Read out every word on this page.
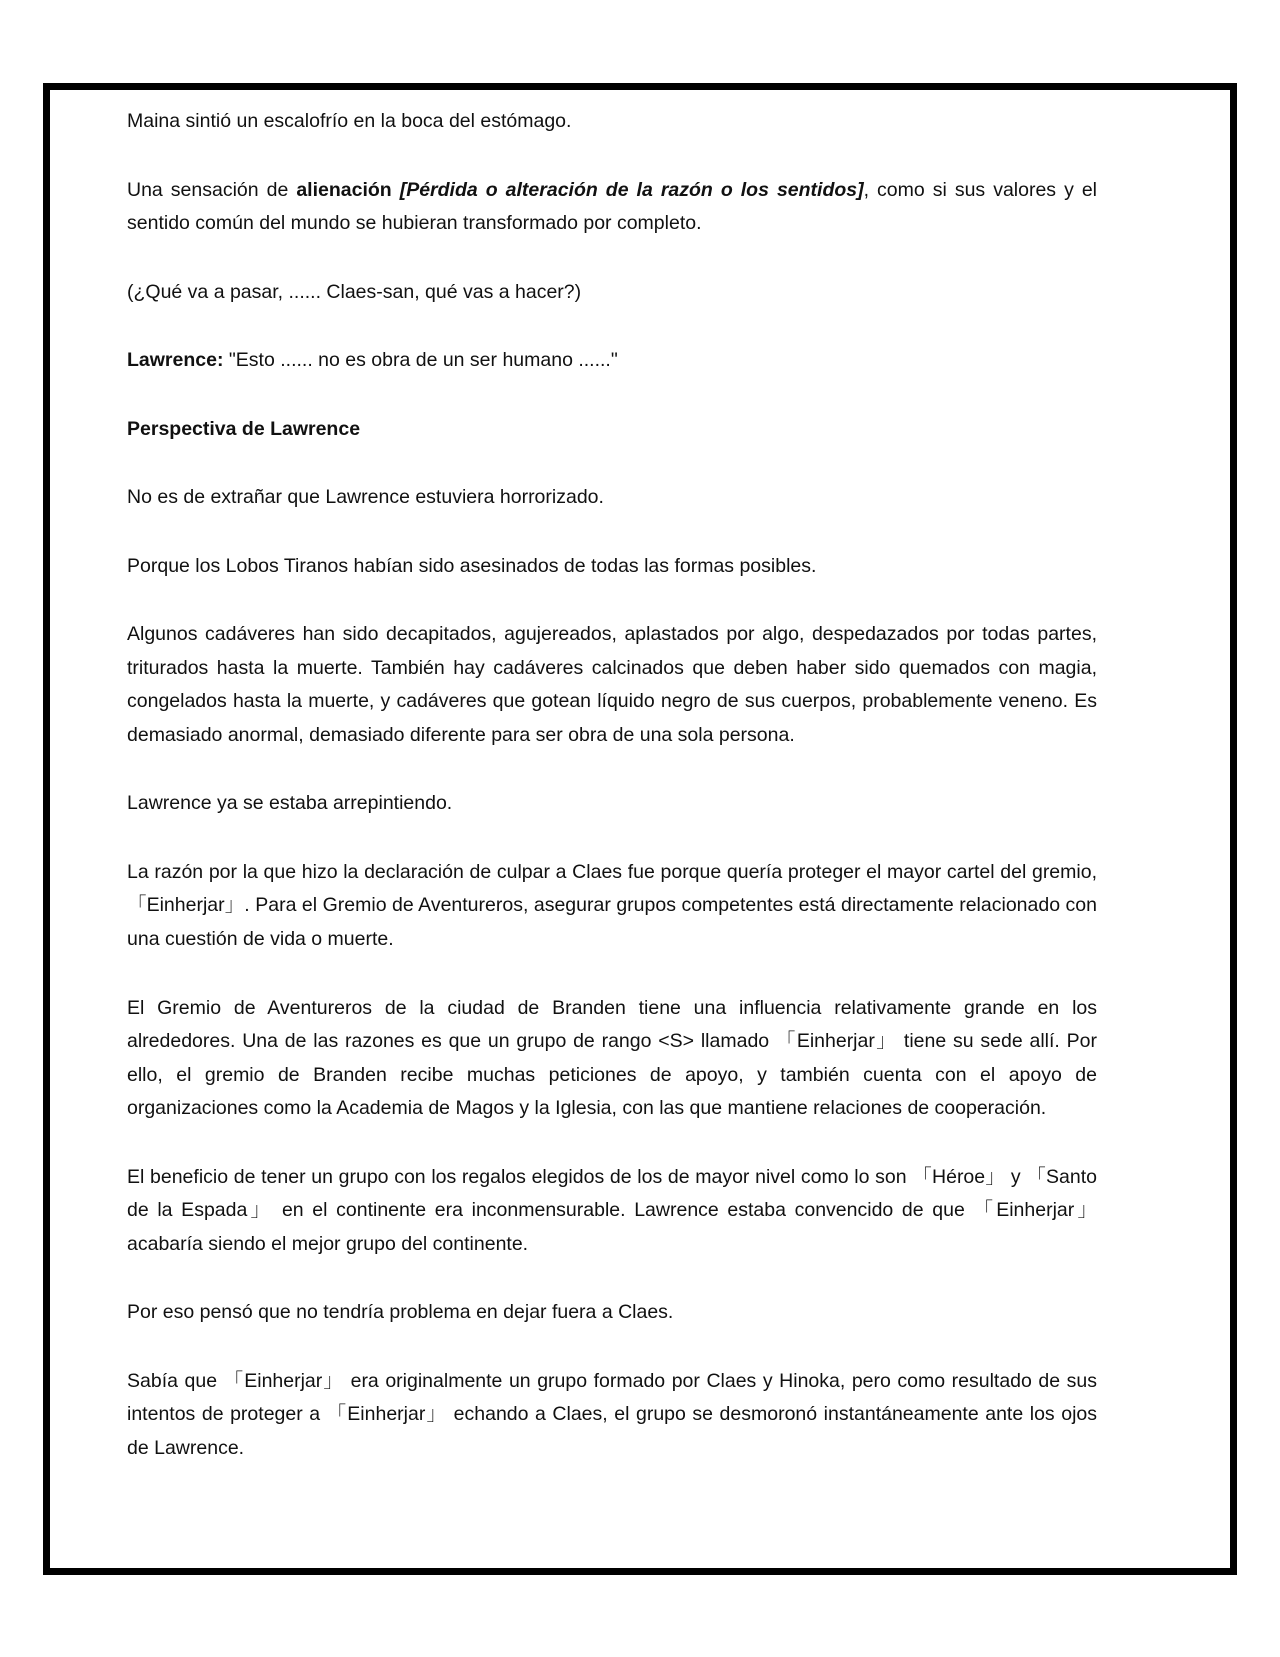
Maina sintió un escalofrío en la boca del estómago.

Una sensación de alienación [Pérdida o alteración de la razón o los sentidos], como si sus valores y el sentido común del mundo se hubieran transformado por completo.

(¿Qué va a pasar, ...... Claes-san, qué vas a hacer?)

Lawrence: "Esto ...... no es obra de un ser humano ......"

Perspectiva de Lawrence

No es de extrañar que Lawrence estuviera horrorizado.

Porque los Lobos Tiranos habían sido asesinados de todas las formas posibles.

Algunos cadáveres han sido decapitados, agujereados, aplastados por algo, despedazados por todas partes, triturados hasta la muerte. También hay cadáveres calcinados que deben haber sido quemados con magia, congelados hasta la muerte, y cadáveres que gotean líquido negro de sus cuerpos, probablemente veneno. Es demasiado anormal, demasiado diferente para ser obra de una sola persona.

Lawrence ya se estaba arrepintiendo.

La razón por la que hizo la declaración de culpar a Claes fue porque quería proteger el mayor cartel del gremio, 「Einherjar」. Para el Gremio de Aventureros, asegurar grupos competentes está directamente relacionado con una cuestión de vida o muerte.

El Gremio de Aventureros de la ciudad de Branden tiene una influencia relativamente grande en los alrededores. Una de las razones es que un grupo de rango <S> llamado 「Einherjar」 tiene su sede allí. Por ello, el gremio de Branden recibe muchas peticiones de apoyo, y también cuenta con el apoyo de organizaciones como la Academia de Magos y la Iglesia, con las que mantiene relaciones de cooperación.

El beneficio de tener un grupo con los regalos elegidos de los de mayor nivel como lo son 「Héroe」 y 「Santo de la Espada」 en el continente era inconmensurable. Lawrence estaba convencido de que 「Einherjar」 acabaría siendo el mejor grupo del continente.

Por eso pensó que no tendría problema en dejar fuera a Claes.

Sabía que 「Einherjar」 era originalmente un grupo formado por Claes y Hinoka, pero como resultado de sus intentos de proteger a 「Einherjar」 echando a Claes, el grupo se desmoronó instantáneamente ante los ojos de Lawrence.
